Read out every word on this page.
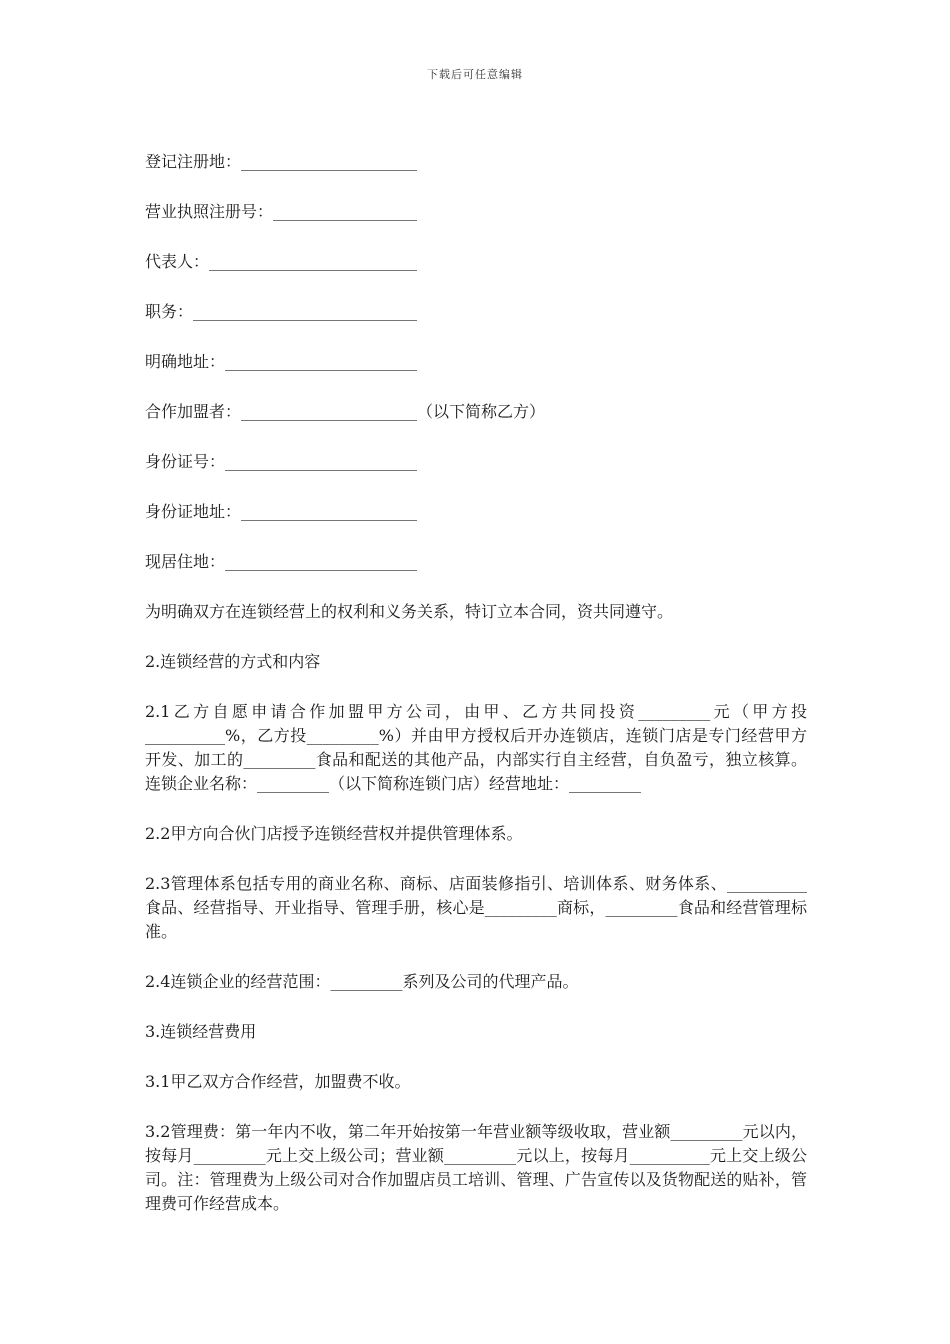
下载后可任意编辑
登记注册地：______________________
营业执照注册号：__________________
代表人：__________________________
职务：____________________________
明确地址：________________________
合作加盟者：______________________（以下简称乙方）
身份证号：________________________
身份证地址：______________________
现居住地：________________________
为明确双方在连锁经营上的权利和义务关系，特订立本合同，资共同遵守。
2.连锁经营的方式和内容
2.1乙方自愿申请合作加盟甲方公司，由甲、乙方共同投资_________元（甲方投__________%，乙方投_________%）并由甲方授权后开办连锁店，连锁门店是专门经营甲方开发、加工的_________食品和配送的其他产品，内部实行自主经营，自负盈亏，独立核算。连锁企业名称：_________（以下简称连锁门店）经营地址：_________
2.2甲方向合伙门店授予连锁经营权并提供管理体系。
2.3管理体系包括专用的商业名称、商标、店面装修指引、培训体系、财务体系、__________食品、经营指导、开业指导、管理手册，核心是_________商标，_________食品和经营管理标准。
2.4连锁企业的经营范围：_________系列及公司的代理产品。
3.连锁经营费用
3.1甲乙双方合作经营，加盟费不收。
3.2管理费：第一年内不收，第二年开始按第一年营业额等级收取，营业额_________元以内，按每月_________元上交上级公司；营业额_________元以上，按每月__________元上交上级公司。注：管理费为上级公司对合作加盟店员工培训、管理、广告宣传以及货物配送的贴补，管理费可作经营成本。
